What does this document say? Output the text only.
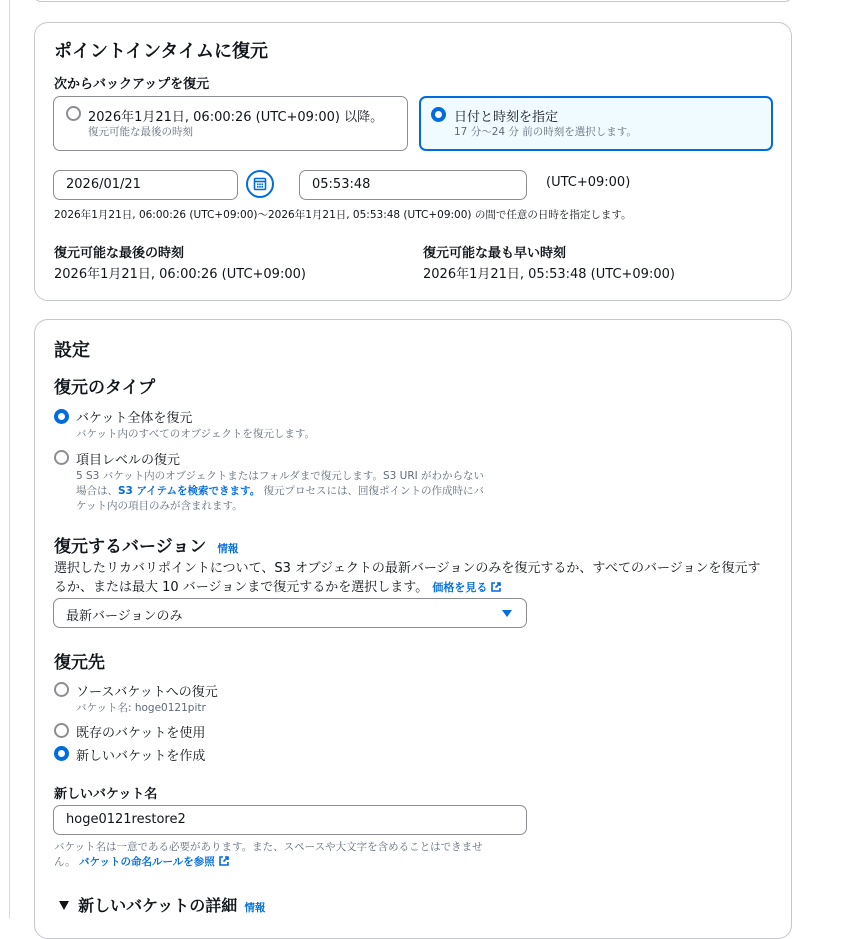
ポイントインタイムに復元
次からバックアップを復元
2026年1月21日, 06:00:26 (UTC+09:00) 以降。
復元可能な最後の時刻
日付と時刻を指定
17 分～24 分 前の時刻を選択します。
2026/01/21	05:53:48	(UTC+09:00)
2026年1月21日, 06:00:26 (UTC+09:00)～2026年1月21日, 05:53:48 (UTC+09:00) の間で任意の日時を指定します。
復元可能な最後の時刻
2026年1月21日, 06:00:26 (UTC+09:00)
復元可能な最も早い時刻
2026年1月21日, 05:53:48 (UTC+09:00)
設定
復元のタイプ
バケット全体を復元
バケット内のすべてのオブジェクトを復元します。
項目レベルの復元
5 S3 バケット内のオブジェクトまたはフォルダまで復元します。S3 URI がわからない
場合は、S3 アイテムを検索できます。 復元プロセスには、回復ポイントの作成時にバ
ケット内の項目のみが含まれます。
復元するバージョン 情報
選択したリカバリポイントについて、S3 オブジェクトの最新バージョンのみを復元するか、すべてのバージョンを復元す
るか、または最大 10 バージョンまで復元するかを選択します。 価格を見る
最新バージョンのみ
復元先
ソースバケットへの復元
バケット名: hoge0121pitr
既存のバケットを使用
新しいバケットを作成
新しいバケット名
hoge0121restore2
バケット名は一意である必要があります。また、スペースや大文字を含めることはできませ
ん。 バケットの命名ルールを参照
新しいバケットの詳細 情報
